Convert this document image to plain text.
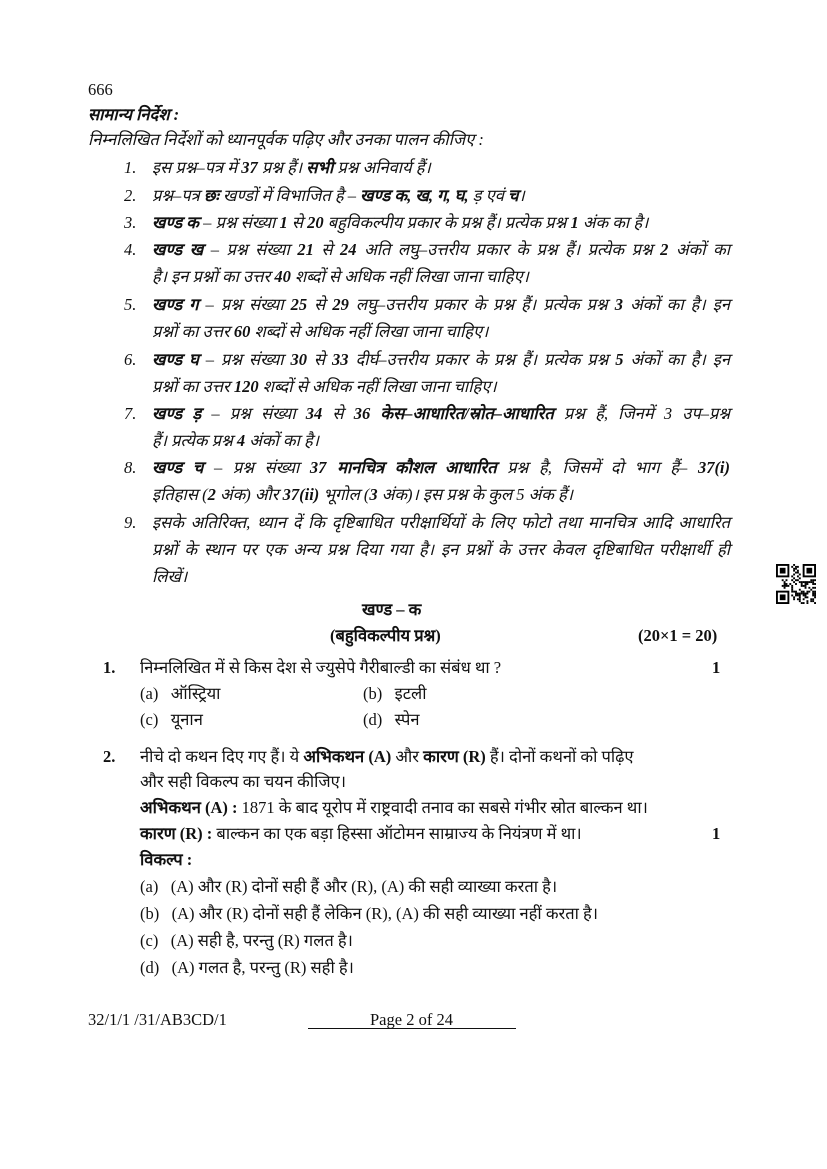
666
सामान्य निर्देश :
निम्नलिखित निर्देशों को ध्यानपूर्वक पढ़िए और उनका पालन कीजिए :
1. इस प्रश्न–पत्र में 37 प्रश्न हैं। सभी प्रश्न अनिवार्य हैं।
2. प्रश्न–पत्र छः खण्डों में विभाजित है – खण्ड क, ख, ग, घ, ड़ एवं च।
3. खण्ड क – प्रश्न संख्या 1 से 20 बहुविकल्पीय प्रकार के प्रश्न हैं। प्रत्येक प्रश्न 1 अंक का है।
4. खण्ड ख – प्रश्न संख्या 21 से 24 अति लघु–उत्तरीय प्रकार के प्रश्न हैं। प्रत्येक प्रश्न 2 अंकों का
है। इन प्रश्नों का उत्तर 40 शब्दों से अधिक नहीं लिखा जाना चाहिए।
5. खण्ड ग – प्रश्न संख्या 25 से 29 लघु–उत्तरीय प्रकार के प्रश्न हैं। प्रत्येक प्रश्न 3 अंकों का है। इन
प्रश्नों का उत्तर 60 शब्दों से अधिक नहीं लिखा जाना चाहिए।
6. खण्ड घ – प्रश्न संख्या 30 से 33 दीर्घ–उत्तरीय प्रकार के प्रश्न हैं। प्रत्येक प्रश्न 5 अंकों का है। इन
प्रश्नों का उत्तर 120 शब्दों से अधिक नहीं लिखा जाना चाहिए।
7. खण्ड ड़ – प्रश्न संख्या 34 से 36 केस–आधारित/स्रोत–आधारित प्रश्न हैं, जिनमें 3 उप–प्रश्न
हैं। प्रत्येक प्रश्न 4 अंकों का है।
8. खण्ड च – प्रश्न संख्या 37 मानचित्र कौशल आधारित प्रश्न है, जिसमें दो भाग हैं– 37(i)
इतिहास (2 अंक) और 37(ii) भूगोल (3 अंक)। इस प्रश्न के कुल 5 अंक हैं।
9. इसके अतिरिक्त, ध्यान दें कि दृष्टिबाधित परीक्षार्थियों के लिए फोटो तथा मानचित्र आदि आधारित
प्रश्नों के स्थान पर एक अन्य प्रश्न दिया गया है। इन प्रश्नों के उत्तर केवल दृष्टिबाधित परीक्षार्थी ही
लिखें।
खण्ड – क
(बहुविकल्पीय प्रश्न)	(20×1 = 20)
1. निम्नलिखित में से किस देश से ज्युसेपे गैरीबाल्डी का संबंध था ?	1
(a) ऑस्ट्रिया	(b) इटली
(c) यूनान	(d) स्पेन
2. नीचे दो कथन दिए गए हैं। ये अभिकथन (A) और कारण (R) हैं। दोनों कथनों को पढ़िए
और सही विकल्प का चयन कीजिए।
अभिकथन (A) : 1871 के बाद यूरोप में राष्ट्रवादी तनाव का सबसे गंभीर स्रोत बाल्कन था।
कारण (R) : बाल्कन का एक बड़ा हिस्सा ऑटोमन साम्राज्य के नियंत्रण में था।	1
विकल्प :
(a) (A) और (R) दोनों सही हैं और (R), (A) की सही व्याख्या करता है।
(b) (A) और (R) दोनों सही हैं लेकिन (R), (A) की सही व्याख्या नहीं करता है।
(c) (A) सही है, परन्तु (R) गलत है।
(d) (A) गलत है, परन्तु (R) सही है।
32/1/1 /31/AB3CD/1	Page 2 of 24
